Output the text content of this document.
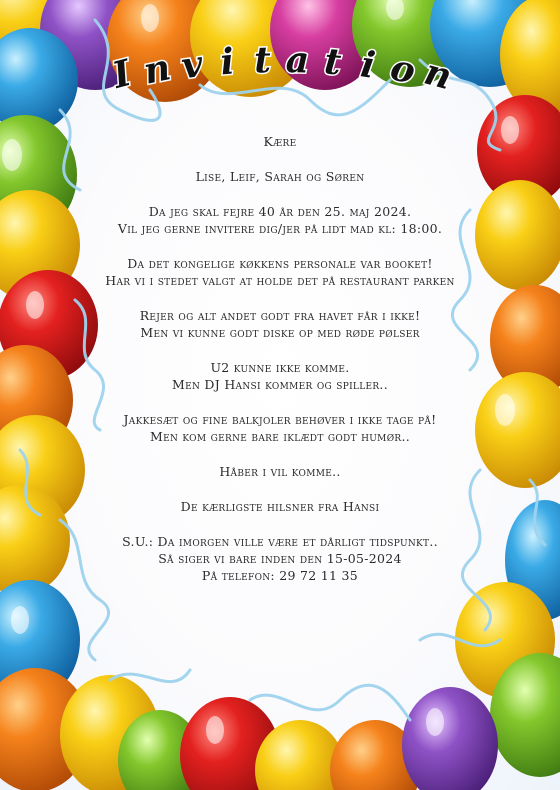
I n v i t a t i o n

Kære

Lise, Leif, Sarah og Søren

Da jeg skal fejre 40 år den 25. maj 2024.

Vil jeg gerne invitere dig/jer på lidt mad kl: 18:00.

Da det kongelige køkkens personale var booket!

Har vi i stedet valgt at holde det på restaurant parken

Rejer og alt andet godt fra havet får i ikke!

Men vi kunne godt diske op med røde pølser

U2 kunne ikke komme.

Men DJ Hansi kommer og spiller..

Jakkesæt og fine balkjoler behøver i ikke tage på!

Men kom gerne bare iklædt godt humør..

Håber i vil komme..

De kærligste hilsner fra Hansi

S.U.: Da imorgen ville være et dårligt tidspunkt..

Så siger vi bare inden den 15-05-2024

På telefon: 29 72 11 35
